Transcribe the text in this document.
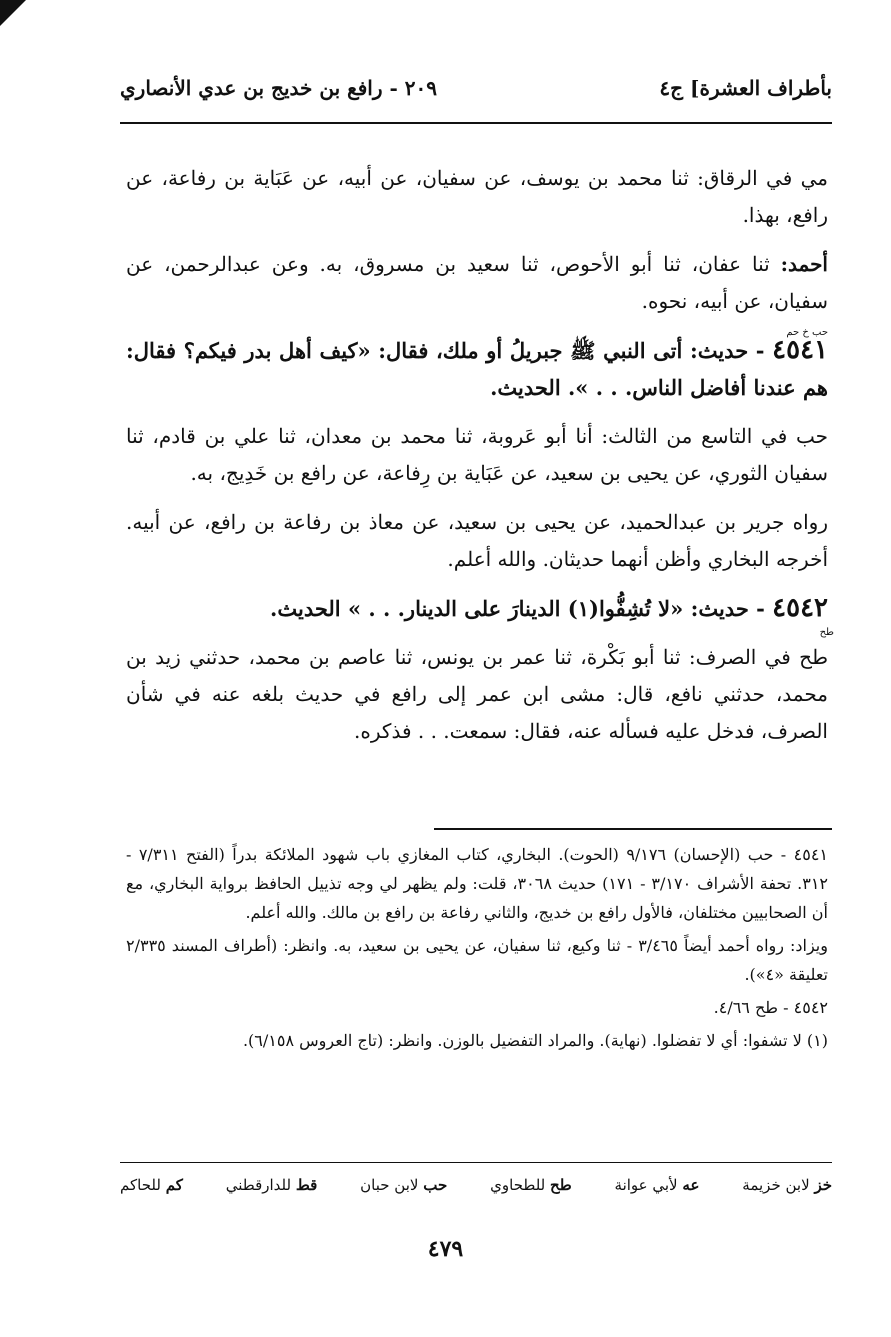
بأطراف العشرة] ج٤
٢٠٩ - رافع بن خديج بن عدي الأنصاري

مي في الرقاق: ثنا محمد بن يوسف، عن سفيان، عن أبيه، عن عَبَاية بن رفاعة، عن رافع، بهذا.

أحمد: ثنا عفان، ثنا أبو الأحوص، ثنا سعيد بن مسروق، به. وعن عبدالرحمن، عن سفيان، عن أبيه، نحوه.

حب خ حم
٤٥٤١ - حديث: أتى النبي ﷺ جبريلُ أو ملك، فقال: «كيف أهل بدر فيكم؟ فقال: هم عندنا أفاضل الناس. . . ». الحديث.

حب في التاسع من الثالث: أنا أبو عَروبة، ثنا محمد بن معدان، ثنا علي بن قادم، ثنا سفيان الثوري، عن يحيى بن سعيد، عن عَبَاية بن رِفاعة، عن رافع بن خَدِيج، به.

رواه جرير بن عبدالحميد، عن يحيى بن سعيد، عن معاذ بن رفاعة بن رافع، عن أبيه. أخرجه البخاري وأظن أنهما حديثان. والله أعلم.

٤٥٤٢ - حديث: «لا تُشِفُّوا(١) الدينارَ على الدينار. . . » الحديث.
طح

طح في الصرف: ثنا أبو بَكْرة، ثنا عمر بن يونس، ثنا عاصم بن محمد، حدثني زيد بن محمد، حدثني نافع، قال: مشى ابن عمر إلى رافع في حديث بلغه عنه في شأن الصرف، فدخل عليه فسأله عنه، فقال: سمعت. . . فذكره.

٤٥٤١ - حب (الإحسان) ٩/١٧٦ (الحوت). البخاري، كتاب المغازي باب شهود الملائكة بدراً (الفتح ٧/٣١١ - ٣١٢. تحفة الأشراف ٣/١٧٠ - ١٧١) حديث ٣٠٦٨، قلت: ولم يظهر لي وجه تذييل الحافظ برواية البخاري، مع أن الصحابيين مختلفان، فالأول رافع بن خديج، والثاني رفاعة بن رافع بن مالك. والله أعلم.

ويزاد: رواه أحمد أيضاً ٣/٤٦٥ - ثنا وكيع، ثنا سفيان، عن يحيى بن سعيد، به. وانظر: (أطراف المسند ٢/٣٣٥ تعليقة «٤»).

٤٥٤٢ - طح ٤/٦٦.

(١) لا تشفوا: أي لا تفضلوا. (نهاية). والمراد التفضيل بالوزن. وانظر: (تاج العروس ٦/١٥٨).

خز لابن خزيمة
عه لأبي عوانة
طح للطحاوي
حب لابن حبان
قط للدارقطني
كم للحاكم
٤٧٩
